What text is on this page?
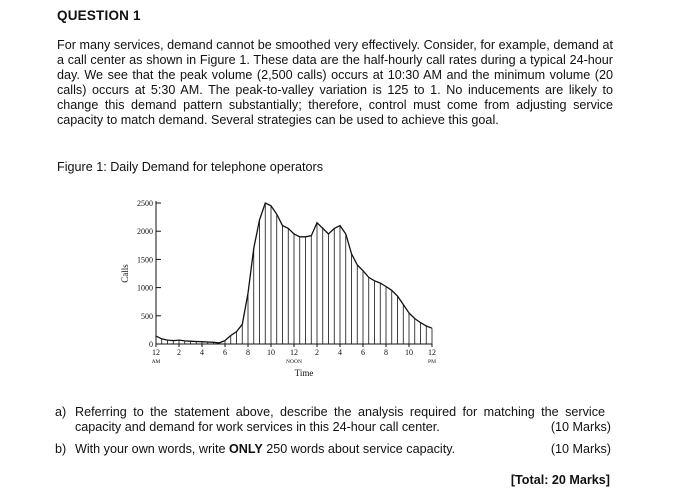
QUESTION 1
For many services, demand cannot be smoothed very effectively. Consider, for example, demand at a call center as shown in Figure 1. These data are the half-hourly call rates during a typical 24-hour day. We see that the peak volume (2,500 calls) occurs at 10:30 AM and the minimum volume (20 calls) occurs at 5:30 AM. The peak-to-valley variation is 125 to 1. No inducements are likely to change this demand pattern substantially; therefore, control must come from adjusting service capacity to match demand. Several strategies can be used to achieve this goal.
Figure 1: Daily Demand for telephone operators
0
500
1000
1500
2000
2500
12
AM
2 4 6 8 10 12
NOON
2 4 6 8 10 12
PM
Calls
Time
a) Referring to the statement above, describe the analysis required for matching the service capacity and demand for work services in this 24-hour call center.	(10 Marks)
b) With your own words, write ONLY 250 words about service capacity.	(10 Marks)
[Total: 20 Marks]
